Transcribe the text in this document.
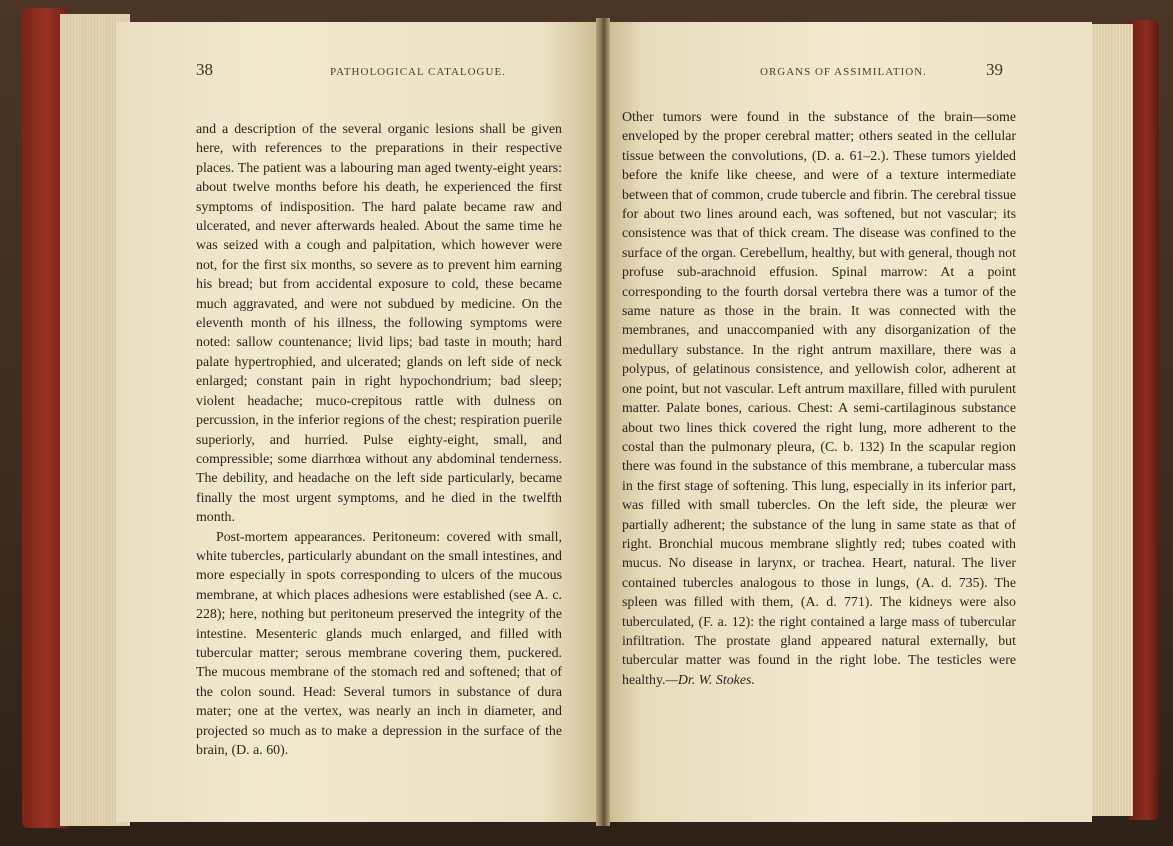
38	PATHOLOGICAL CATALOGUE.

and a description of the several organic lesions shall be given here, with references to the preparations in their respective places. The patient was a labouring man aged twenty-eight years: about twelve months before his death, he experienced the first symptoms of indisposition. The hard palate became raw and ulcerated, and never afterwards healed. About the same time he was seized with a cough and palpitation, which however were not, for the first six months, so severe as to prevent him earning his bread; but from accidental exposure to cold, these became much aggravated, and were not subdued by medicine. On the eleventh month of his illness, the following symptoms were noted: sallow countenance; livid lips; bad taste in mouth; hard palate hypertrophied, and ulcerated; glands on left side of neck enlarged; constant pain in right hypochondrium; bad sleep; violent headache; muco-crepitous rattle with dulness on percussion, in the inferior regions of the chest; respiration puerile superiorly, and hurried. Pulse eighty-eight, small, and compressible; some diarrhœa without any abdominal tenderness. The debility, and headache on the left side particularly, became finally the most urgent symptoms, and he died in the twelfth month.

Post-mortem appearances. Peritoneum: covered with small, white tubercles, particularly abundant on the small intestines, and more especially in spots corresponding to ulcers of the mucous membrane, at which places adhesions were established (see A. c. 228); here, nothing but peritoneum preserved the integrity of the intestine. Mesenteric glands much enlarged, and filled with tubercular matter; serous membrane covering them, puckered. The mucous membrane of the stomach red and softened; that of the colon sound. Head: Several tumors in substance of dura mater; one at the vertex, was nearly an inch in diameter, and projected so much as to make a depression in the surface of the brain, (D. a. 60).

ORGANS OF ASSIMILATION.	39

Other tumors were found in the substance of the brain—some enveloped by the proper cerebral matter; others seated in the cellular tissue between the convolutions, (D. a. 61–2.). These tumors yielded before the knife like cheese, and were of a texture intermediate between that of common, crude tubercle and fibrin. The cerebral tissue for about two lines around each, was softened, but not vascular; its consistence was that of thick cream. The disease was confined to the surface of the organ. Cerebellum, healthy, but with general, though not profuse sub-arachnoid effusion. Spinal marrow: At a point corresponding to the fourth dorsal vertebra there was a tumor of the same nature as those in the brain. It was connected with the membranes, and unaccompanied with any disorganization of the medullary substance. In the right antrum maxillare, there was a polypus, of gelatinous consistence, and yellowish color, adherent at one point, but not vascular. Left antrum maxillare, filled with purulent matter. Palate bones, carious. Chest: A semi-cartilaginous substance about two lines thick covered the right lung, more adherent to the costal than the pulmonary pleura, (C. b. 132) In the scapular region there was found in the substance of this membrane, a tubercular mass in the first stage of softening. This lung, especially in its inferior part, was filled with small tubercles. On the left side, the pleuræ wer partially adherent; the substance of the lung in same state as that of right. Bronchial mucous membrane slightly red; tubes coated with mucus. No disease in larynx, or trachea. Heart, natural. The liver contained tubercles analogous to those in lungs, (A. d. 735). The spleen was filled with them, (A. d. 771). The kidneys were also tuberculated, (F. a. 12): the right contained a large mass of tubercular infiltration. The prostate gland appeared natural externally, but tubercular matter was found in the right lobe. The testicles were healthy.—Dr. W. Stokes.
